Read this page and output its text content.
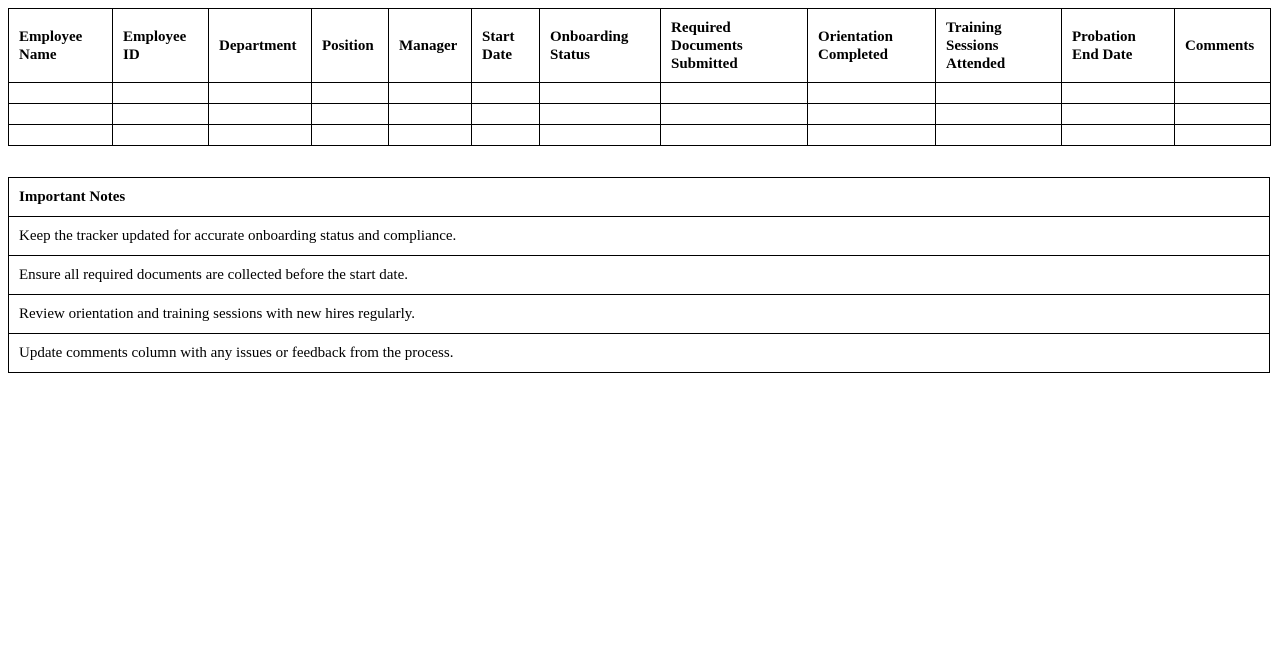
Employee Name	Employee ID	Department	Position	Manager	Start Date	Onboarding Status	Required Documents Submitted	Orientation Completed	Training Sessions Attended	Probation End Date	Comments

Important Notes
Keep the tracker updated for accurate onboarding status and compliance.
Ensure all required documents are collected before the start date.
Review orientation and training sessions with new hires regularly.
Update comments column with any issues or feedback from the process.
